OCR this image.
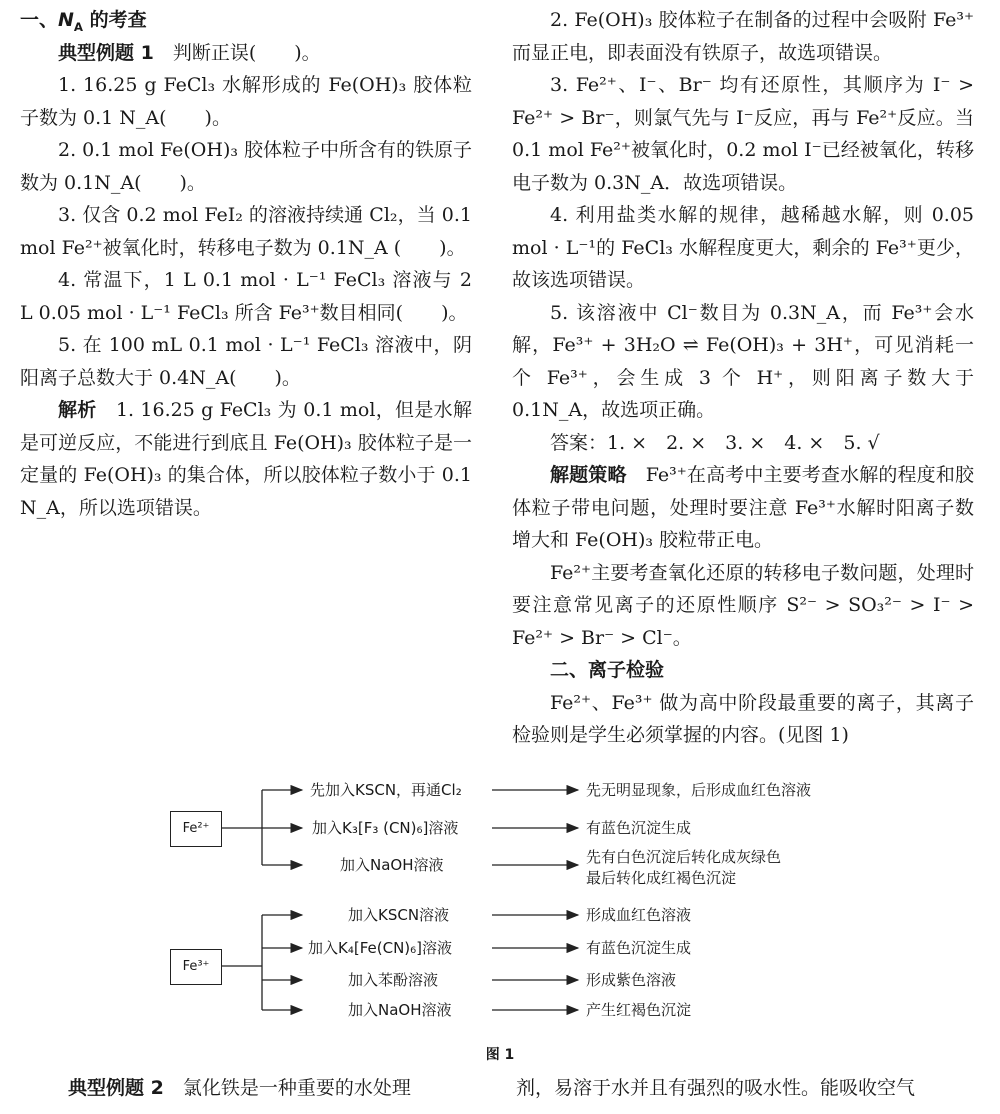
一、$N_A$ 的考查

典型例题 1　 判断正误(　　)。

1. 16.25 g FeCl₃ 水解形成的 Fe(OH)₃ 胶体粒子数为 0.1 N_A(　　)。

2. 0.1 mol Fe(OH)₃ 胶体粒子中所含有的铁原子数为 0.1N_A(　　)。

3. 仅含 0.2 mol FeI₂ 的溶液持续通 Cl₂，当 0.1 mol Fe²⁺被氧化时，转移电子数为 0.1N_A (　　)。

4. 常温下，1 L 0.1 mol · L⁻¹ FeCl₃ 溶液与 2 L 0.05 mol · L⁻¹ FeCl₃ 所含 Fe³⁺数目相同(　　)。

5. 在 100 mL 0.1 mol · L⁻¹ FeCl₃ 溶液中，阴阳离子总数大于 0.4N_A(　　)。

解析　 1. 16.25 g FeCl₃ 为 0.1 mol，但是水解是可逆反应，不能进行到底且 Fe(OH)₃ 胶体粒子是一定量的 Fe(OH)₃ 的集合体，所以胶体粒子数小于 0.1 N_A，所以选项错误。

2. Fe(OH)₃ 胶体粒子在制备的过程中会吸附 Fe³⁺而显正电，即表面没有铁原子，故选项错误。

3. Fe²⁺、I⁻、Br⁻ 均有还原性，其顺序为 I⁻ > Fe²⁺ > Br⁻，则氯气先与 I⁻反应，再与 Fe²⁺反应。当 0.1 mol Fe²⁺被氧化时，0.2 mol I⁻已经被氧化，转移电子数为 0.3N_A．故选项错误。

4. 利用盐类水解的规律，越稀越水解，则 0.05 mol · L⁻¹的 FeCl₃ 水解程度更大，剩余的 Fe³⁺更少，故该选项错误。

5. 该溶液中 Cl⁻数目为 0.3N_A，而 Fe³⁺会水解，Fe³⁺ + 3H₂O ⇌ Fe(OH)₃ + 3H⁺，可见消耗一个 Fe³⁺，会生成 3 个 H⁺，则阳离子数大于 0.1N_A，故选项正确。

答案：1. ×　2. ×　3. ×　4. ×　5. √

解题策略　 Fe³⁺在高考中主要考查水解的程度和胶体粒子带电问题，处理时要注意 Fe³⁺水解时阳离子数增大和 Fe(OH)₃ 胶粒带正电。

Fe²⁺主要考查氧化还原的转移电子数问题，处理时要注意常见离子的还原性顺序 S²⁻ > SO₃²⁻ > I⁻ > Fe²⁺ > Br⁻ > Cl⁻。

二、离子检验

Fe²⁺、Fe³⁺ 做为高中阶段最重要的离子，其离子检验则是学生必须掌握的内容。(见图 1)

Fe²⁺
Fe³⁺
先加入KSCN，再通Cl₂
加入K₃[F₃ (CN)₆]溶液
加入NaOH溶液
先无明显现象，后形成血红色溶液
有蓝色沉淀生成
先有白色沉淀后转化成灰绿色
最后转化成红褐色沉淀
加入KSCN溶液
加入K₄[Fe(CN)₆]溶液
加入苯酚溶液
加入NaOH溶液
形成血红色溶液
有蓝色沉淀生成
形成紫色溶液
产生红褐色沉淀
图 1
典型例题 2　 氯化铁是一种重要的水处理	剂，易溶于水并且有强烈的吸水性。能吸收空气
